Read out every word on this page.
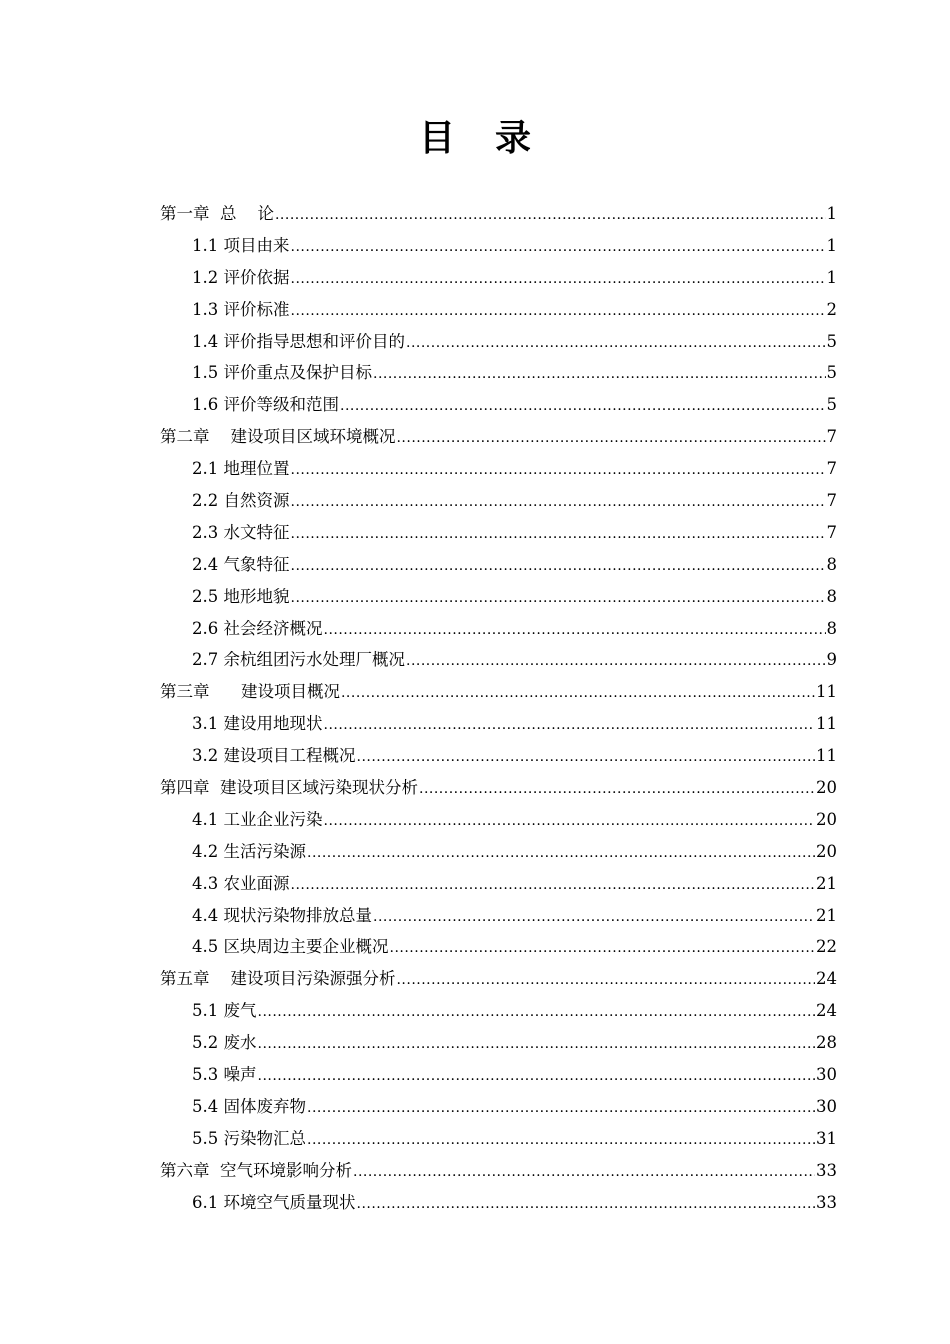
目录
第一章  总    论 .....	1
1.1 项目由来 .....	1
1.2 评价依据 .....	1
1.3 评价标准 .....	2
1.4 评价指导思想和评价目的 .....	5
1.5 评价重点及保护目标 .....	5
1.6 评价等级和范围 .....	5
第二章    建设项目区域环境概况 .....	7
2.1 地理位置 .....	7
2.2 自然资源 .....	7
2.3 水文特征 .....	7
2.4 气象特征 .....	8
2.5 地形地貌 .....	8
2.6 社会经济概况 .....	8
2.7 余杭组团污水处理厂概况 .....	9
第三章      建设项目概况 .....	11
3.1 建设用地现状 .....	11
3.2 建设项目工程概况 .....	11
第四章  建设项目区域污染现状分析 .....	20
4.1 工业企业污染 .....	20
4.2 生活污染源 .....	20
4.3 农业面源 .....	21
4.4 现状污染物排放总量 .....	21
4.5 区块周边主要企业概况 .....	22
第五章    建设项目污染源强分析 .....	24
5.1 废气 .....	24
5.2 废水 .....	28
5.3 噪声 .....	30
5.4 固体废弃物 .....	30
5.5 污染物汇总 .....	31
第六章  空气环境影响分析 .....	33
6.1 环境空气质量现状 .....	33
